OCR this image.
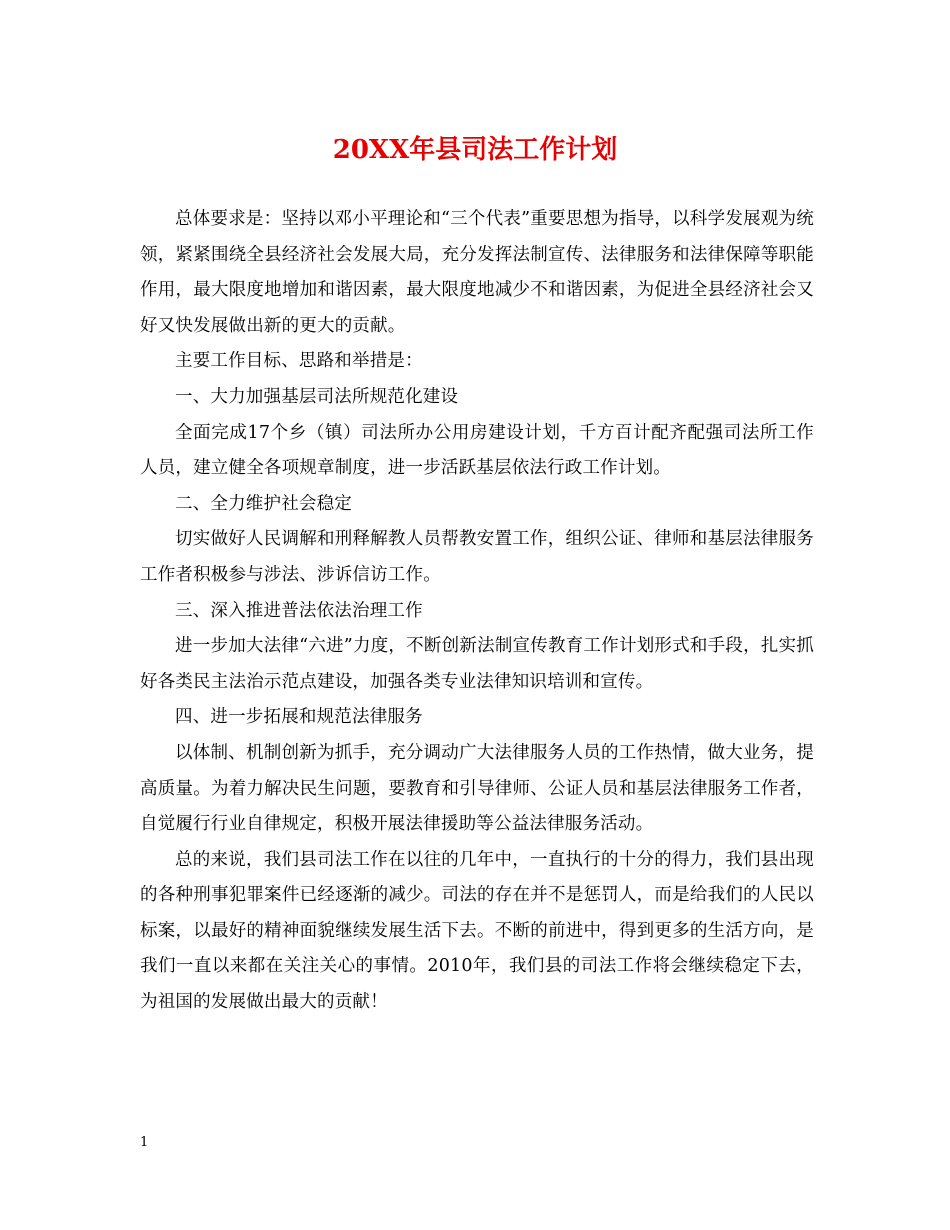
20XX年县司法工作计划

总体要求是：坚持以邓小平理论和“三个代表”重要思想为指导，以科学发展观为统领，紧紧围绕全县经济社会发展大局，充分发挥法制宣传、法律服务和法律保障等职能作用，最大限度地增加和谐因素，最大限度地减少不和谐因素，为促进全县经济社会又好又快发展做出新的更大的贡献。

主要工作目标、思路和举措是：

一、大力加强基层司法所规范化建设

全面完成17个乡（镇）司法所办公用房建设计划，千方百计配齐配强司法所工作人员，建立健全各项规章制度，进一步活跃基层依法行政工作计划。

二、全力维护社会稳定

切实做好人民调解和刑释解教人员帮教安置工作，组织公证、律师和基层法律服务工作者积极参与涉法、涉诉信访工作。

三、深入推进普法依法治理工作

进一步加大法律“六进”力度，不断创新法制宣传教育工作计划形式和手段，扎实抓好各类民主法治示范点建设，加强各类专业法律知识培训和宣传。

四、进一步拓展和规范法律服务

以体制、机制创新为抓手，充分调动广大法律服务人员的工作热情，做大业务，提高质量。为着力解决民生问题，要教育和引导律师、公证人员和基层法律服务工作者，自觉履行行业自律规定，积极开展法律援助等公益法律服务活动。

总的来说，我们县司法工作在以往的几年中，一直执行的十分的得力，我们县出现的各种刑事犯罪案件已经逐渐的减少。司法的存在并不是惩罚人，而是给我们的人民以标案，以最好的精神面貌继续发展生活下去。不断的前进中，得到更多的生活方向，是我们一直以来都在关注关心的事情。2010年，我们县的司法工作将会继续稳定下去，为祖国的发展做出最大的贡献！

1
